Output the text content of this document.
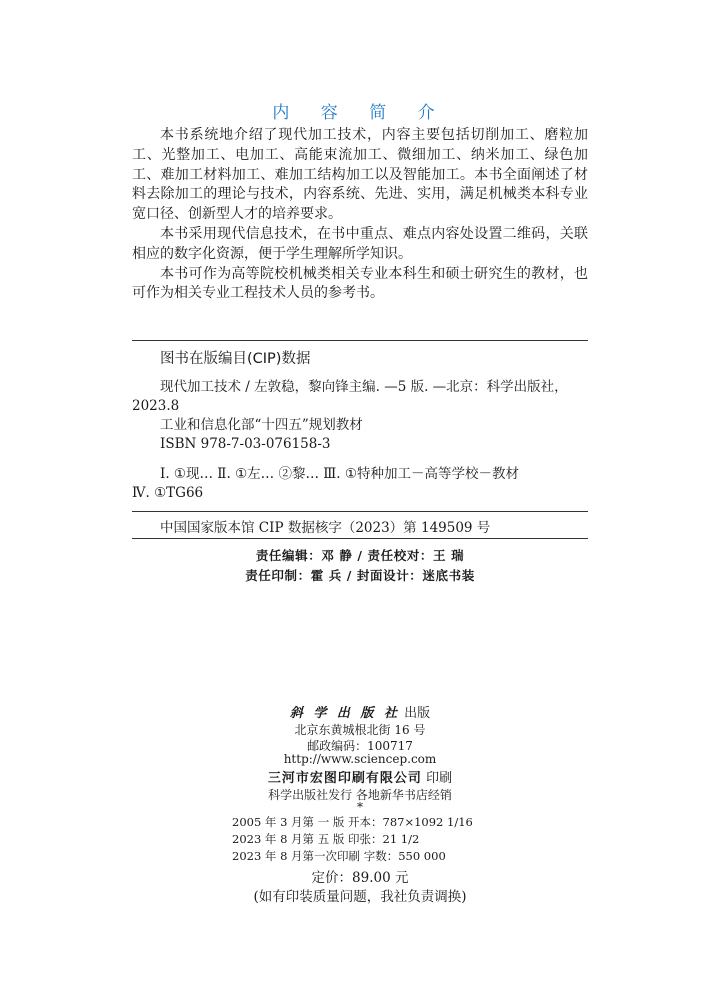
内 容 简 介

本书系统地介绍了现代加工技术，内容主要包括切削加工、磨粒加工、光整加工、电加工、高能束流加工、微细加工、纳米加工、绿色加工、难加工材料加工、难加工结构加工以及智能加工。本书全面阐述了材料去除加工的理论与技术，内容系统、先进、实用，满足机械类本科专业宽口径、创新型人才的培养要求。

本书采用现代信息技术，在书中重点、难点内容处设置二维码，关联相应的数字化资源，便于学生理解所学知识。

本书可作为高等院校机械类相关专业本科生和硕士研究生的教材，也可作为相关专业工程技术人员的参考书。

图书在版编目(CIP)数据
现代加工技术 / 左敦稳，黎向锋主编. —5 版. —北京：科学出版社，
2023.8
工业和信息化部“十四五”规划教材
ISBN 978-7-03-076158-3
Ⅰ. ①现… Ⅱ. ①左… ②黎… Ⅲ. ①特种加工－高等学校－教材
Ⅳ. ①TG66
中国国家版本馆 CIP 数据核字（2023）第 149509 号
责任编辑：邓 静 / 责任校对：王 瑞
责任印制：霍 兵 / 封面设计：迷底书装
斜 学 出 版 社 出版
北京东黄城根北街 16 号
邮政编码：100717
http://www.sciencep.com
三河市宏图印刷有限公司 印刷
科学出版社发行 各地新华书店经销
*
2005 年 3 月第 一 版 开本：787×1092 1/16
2023 年 8 月第 五 版 印张：21 1/2
2023 年 8 月第一次印刷 字数：550 000
定价：89.00 元
(如有印装质量问题，我社负责调换)
